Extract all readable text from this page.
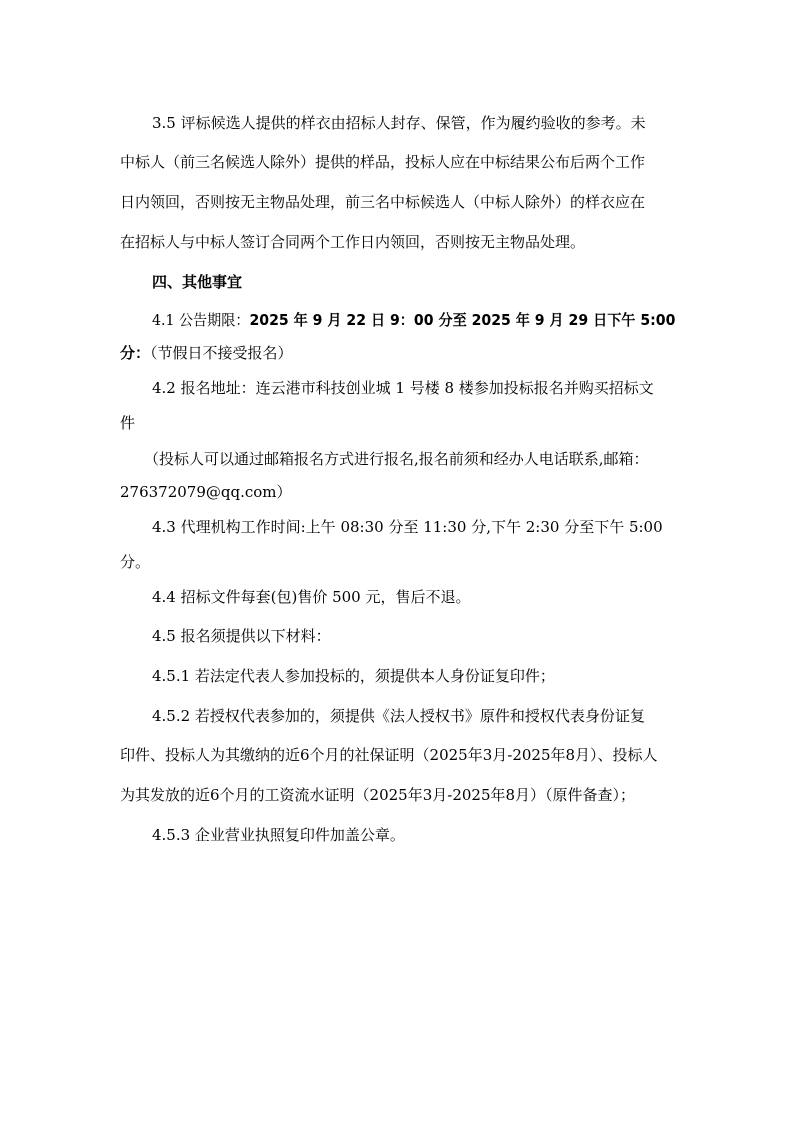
3.5 评标候选人提供的样衣由招标人封存、保管，作为履约验收的参考。未
中标人（前三名候选人除外）提供的样品，投标人应在中标结果公布后两个工作
日内领回，否则按无主物品处理，前三名中标候选人（中标人除外）的样衣应在
在招标人与中标人签订合同两个工作日内领回，否则按无主物品处理。
四、其他事宜
4.1 公告期限：2025 年 9 月 22 日 9：00 分至 2025 年 9 月 29 日下午 5:00
分：（节假日不接受报名）
4.2 报名地址：连云港市科技创业城 1 号楼 8 楼参加投标报名并购买招标文
件
（投标人可以通过邮箱报名方式进行报名,报名前须和经办人电话联系,邮箱：
276372079@qq.com）
4.3 代理机构工作时间:上午 08:30 分至 11:30 分,下午 2:30 分至下午 5:00
分。
4.4 招标文件每套(包)售价 500 元，售后不退。
4.5 报名须提供以下材料：
4.5.1 若法定代表人参加投标的，须提供本人身份证复印件；
4.5.2 若授权代表参加的，须提供《法人授权书》原件和授权代表身份证复
印件、投标人为其缴纳的近6个月的社保证明（2025年3月-2025年8月）、投标人
为其发放的近6个月的工资流水证明（2025年3月-2025年8月）（原件备查）；
4.5.3 企业营业执照复印件加盖公章。
